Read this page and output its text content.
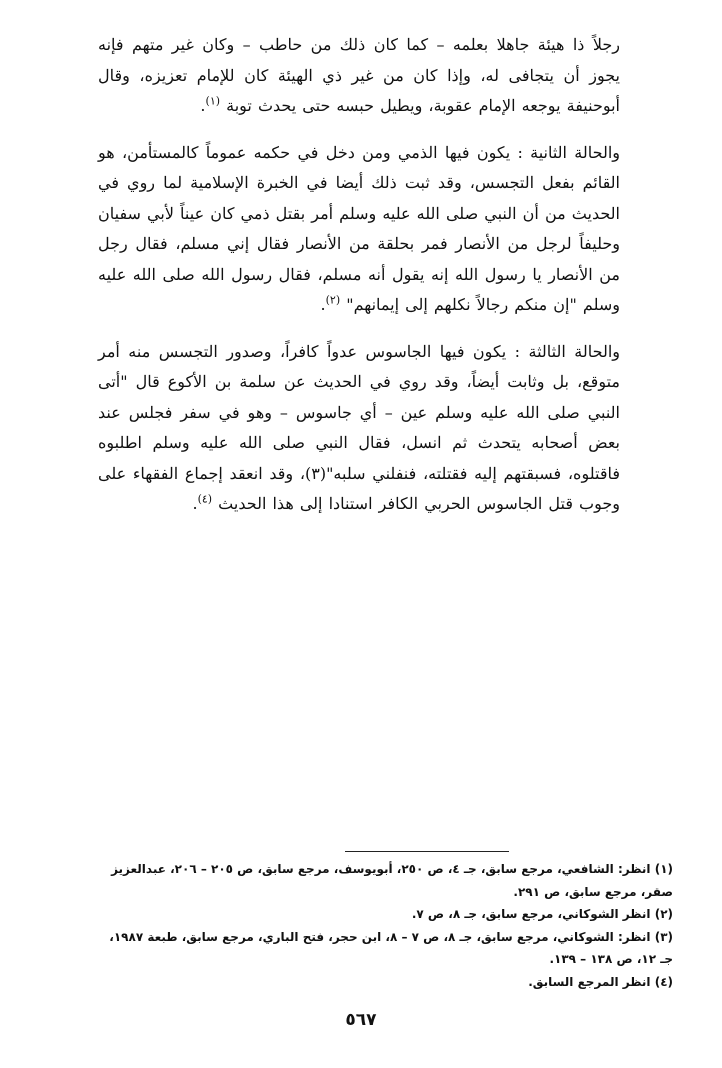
رجلاً ذا هيئة جاهلا بعلمه – كما كان ذلك من حاطب – وكان غير متهم فإنه يجوز أن يتجافى له، وإذا كان من غير ذي الهيئة كان للإمام تعزيزه، وقال أبوحنيفة يوجعه الإمام عقوبة، ويطيل حبسه حتى يحدث توبة $^{(١)}$.

والحالة الثانية : يكون فيها الذمي ومن دخل في حكمه عموماً كالمستأمن، هو القائم بفعل التجسس، وقد ثبت ذلك أيضا في الخبرة الإسلامية لما روي في الحديث من أن النبي صلى الله عليه وسلم أمر بقتل ذمي كان عيناً لأبي سفيان وحليفاً لرجل من الأنصار فمر بحلقة من الأنصار فقال إني مسلم، فقال رجل من الأنصار يا رسول الله إنه يقول أنه مسلم، فقال رسول الله صلى الله عليه وسلم "إن منكم رجالاً نكلهم إلى إيمانهم" $^{(٢)}$.

والحالة الثالثة : يكون فيها الجاسوس عدواً كافراً، وصدور التجسس منه أمر متوقع، بل وثابت أيضاً، وقد روي في الحديث عن سلمة بن الأكوع قال "أتى النبي صلى الله عليه وسلم عين – أي جاسوس – وهو في سفر فجلس عند بعض أصحابه يتحدث ثم انسل، فقال النبي صلى الله عليه وسلم اطلبوه فاقتلوه، فسبقتهم إليه فقتلته، فنفلني سلبه"(٣)، وقد انعقد إجماع الفقهاء على وجوب قتل الجاسوس الحربي الكافر استنادا إلى هذا الحديث $^{(٤)}$.

(١) انظر: الشافعي، مرجع سابق، جـ ٤، ص ٢٥٠، أبويوسف، مرجع سابق، ص ٢٠٥ – ٢٠٦، عبدالعزيز صقر، مرجع سابق، ص ٢٩١.

(٢) انظر الشوكاني، مرجع سابق، جـ ٨، ص ٧.

(٣) انظر: الشوكاني، مرجع سابق، جـ ٨، ص ٧ – ٨، ابن حجر، فتح الباري، مرجع سابق، طبعة ١٩٨٧، جـ ١٢، ص ١٣٨ – ١٣٩.

(٤) انظر المرجع السابق.

٥٦٧
